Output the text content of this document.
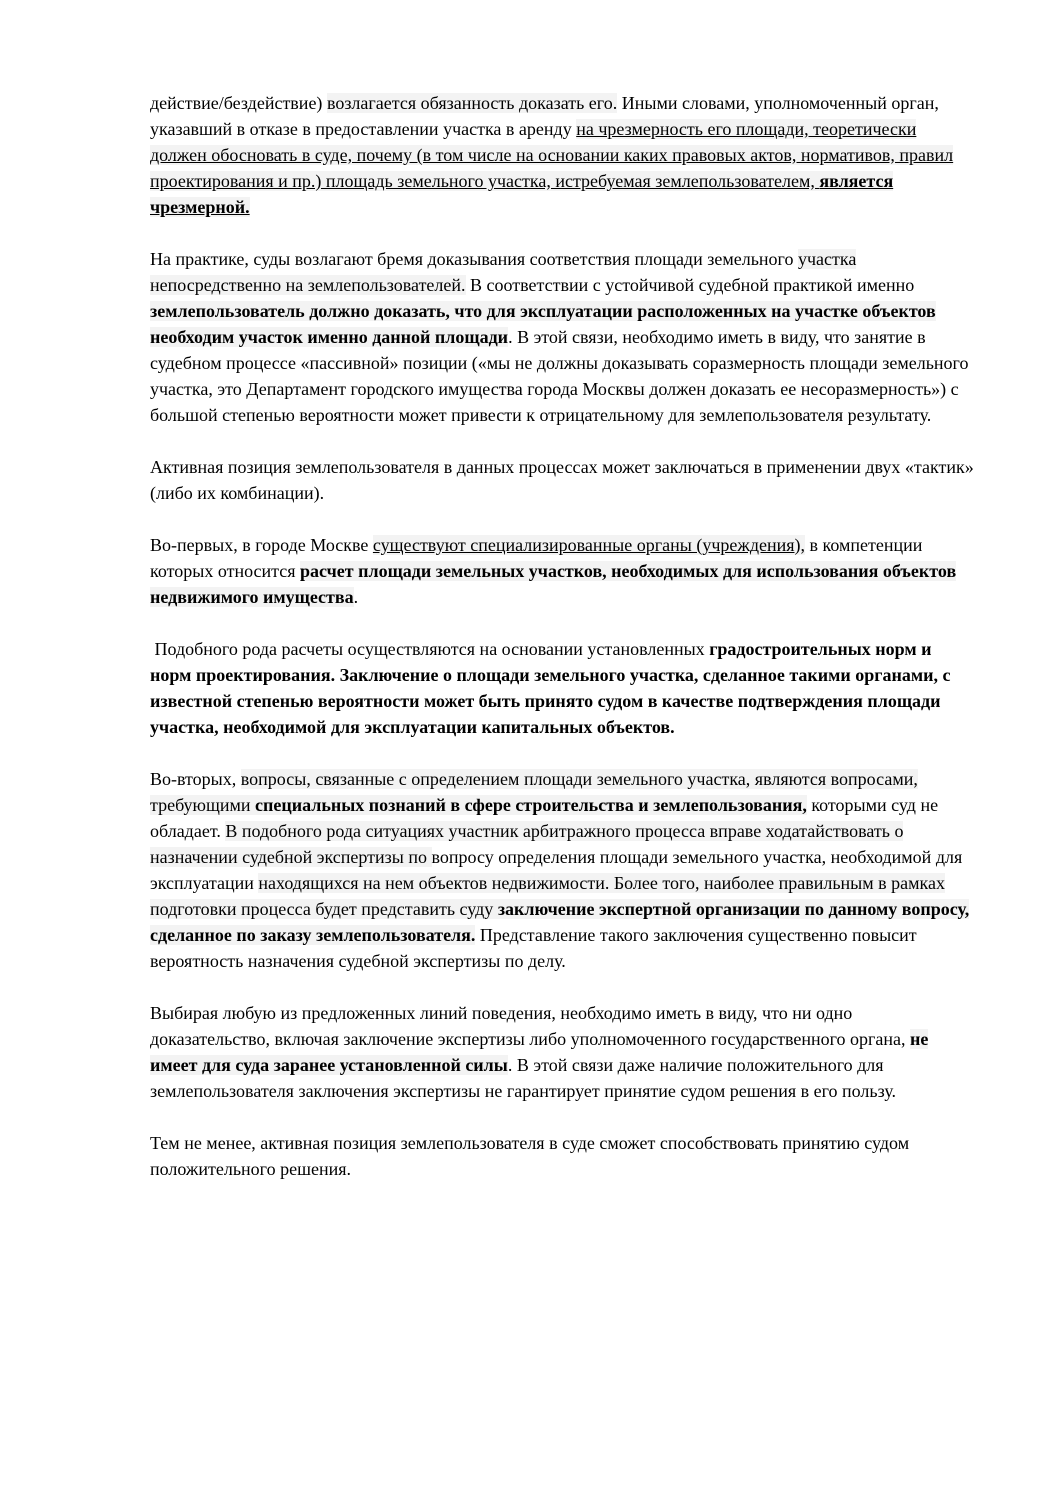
действие/бездействие) возлагается обязанность доказать его. Иными словами, уполномоченный орган, указавший в отказе в предоставлении участка в аренду на чрезмерность его площади, теоретически должен обосновать в суде, почему (в том числе на основании каких правовых актов, нормативов, правил проектирования и пр.) площадь земельного участка, истребуемая землепользователем, является чрезмерной.

На практике, суды возлагают бремя доказывания соответствия площади земельного участка непосредственно на землепользователей. В соответствии с устойчивой судебной практикой именно землепользователь должно доказать, что для эксплуатации расположенных на участке объектов необходим участок именно данной площади. В этой связи, необходимо иметь в виду, что занятие в судебном процессе «пассивной» позиции («мы не должны доказывать соразмерность площади земельного участка, это Департамент городского имущества города Москвы должен доказать ее несоразмерность») с большой степенью вероятности может привести к отрицательному для землепользователя результату.

Активная позиция землепользователя в данных процессах может заключаться в применении двух «тактик» (либо их комбинации).

Во-первых, в городе Москве существуют специализированные органы (учреждения), в компетенции которых относится расчет площади земельных участков, необходимых для использования объектов недвижимого имущества.

Подобного рода расчеты осуществляются на основании установленных градостроительных норм и норм проектирования. Заключение о площади земельного участка, сделанное такими органами, с известной степенью вероятности может быть принято судом в качестве подтверждения площади участка, необходимой для эксплуатации капитальных объектов.

Во-вторых, вопросы, связанные с определением площади земельного участка, являются вопросами, требующими специальных познаний в сфере строительства и землепользования, которыми суд не обладает. В подобного рода ситуациях участник арбитражного процесса вправе ходатайствовать о назначении судебной экспертизы по вопросу определения площади земельного участка, необходимой для эксплуатации находящихся на нем объектов недвижимости. Более того, наиболее правильным в рамках подготовки процесса будет представить суду заключение экспертной организации по данному вопросу, сделанное по заказу землепользователя. Представление такого заключения существенно повысит вероятность назначения судебной экспертизы по делу.

Выбирая любую из предложенных линий поведения, необходимо иметь в виду, что ни одно доказательство, включая заключение экспертизы либо уполномоченного государственного органа, не имеет для суда заранее установленной силы. В этой связи даже наличие положительного для землепользователя заключения экспертизы не гарантирует принятие судом решения в его пользу.

Тем не менее, активная позиция землепользователя в суде сможет способствовать принятию судом положительного решения.
